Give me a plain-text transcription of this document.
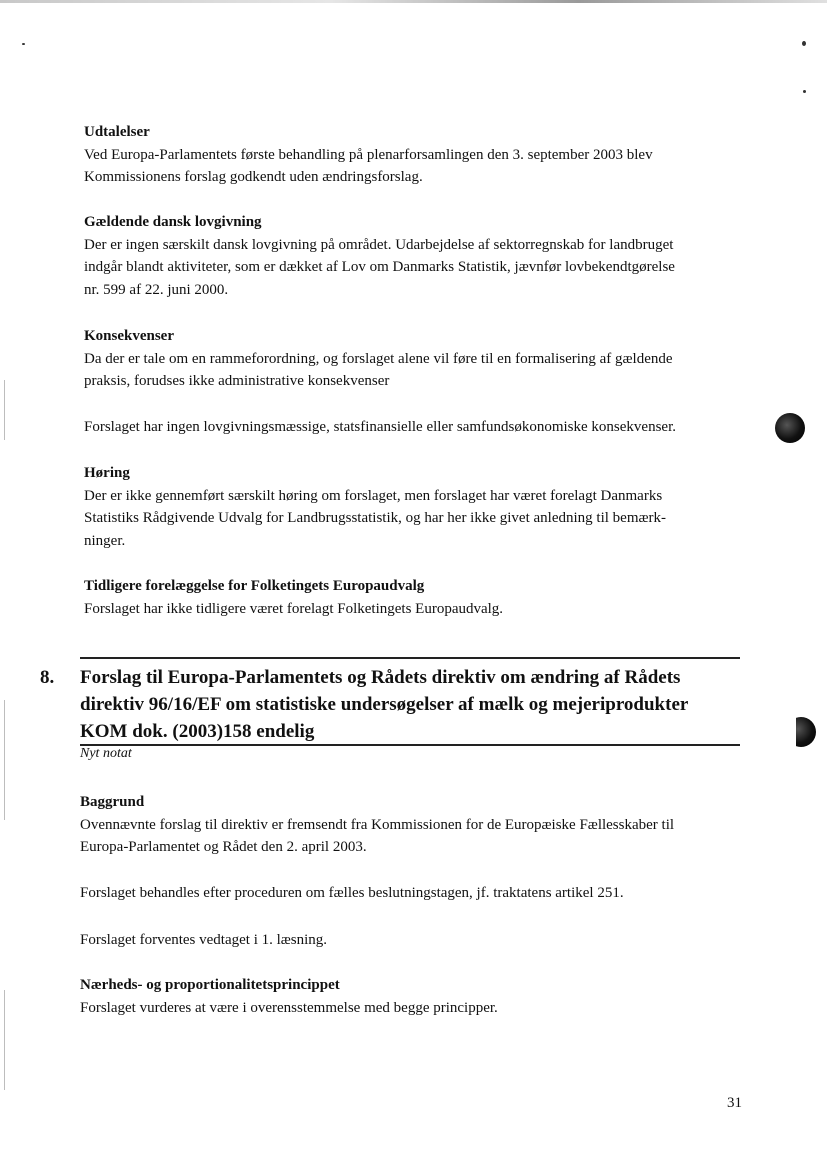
Udtalelser

Ved Europa-Parlamentets første behandling på plenarforsamlingen den 3. september 2003 blev

Kommissionens forslag godkendt uden ændringsforslag.

Gældende dansk lovgivning

Der er ingen særskilt dansk lovgivning på området. Udarbejdelse af sektorregnskab for landbruget

indgår blandt aktiviteter, som er dækket af Lov om Danmarks Statistik, jævnfør lovbekendtgørelse

nr. 599 af 22. juni 2000.

Konsekvenser

Da der er tale om en rammeforordning, og forslaget alene vil føre til en formalisering af gældende

praksis, forudses ikke administrative konsekvenser

Forslaget har ingen lovgivningsmæssige, statsfinansielle eller samfundsøkonomiske konsekvenser.

Høring

Der er ikke gennemført særskilt høring om forslaget, men forslaget har været forelagt Danmarks

Statistiks Rådgivende Udvalg for Landbrugsstatistik, og har her ikke givet anledning til bemærk-

ninger.

Tidligere forelæggelse for Folketingets Europaudvalg

Forslaget har ikke tidligere været forelagt Folketingets Europaudvalg.

8. Forslag til Europa-Parlamentets og Rådets direktiv om ændring af Rådets
direktiv 96/16/EF om statistiske undersøgelser af mælk og mejeriprodukter
KOM dok. (2003)158 endelig
Nyt notat
Baggrund

Ovennævnte forslag til direktiv er fremsendt fra Kommissionen for de Europæiske Fællesskaber til

Europa-Parlamentet og Rådet den 2. april 2003.

Forslaget behandles efter proceduren om fælles beslutningstagen, jf. traktatens artikel 251.

Forslaget forventes vedtaget i 1. læsning.

Nærheds- og proportionalitetsprincippet

Forslaget vurderes at være i overensstemmelse med begge principper.

31
